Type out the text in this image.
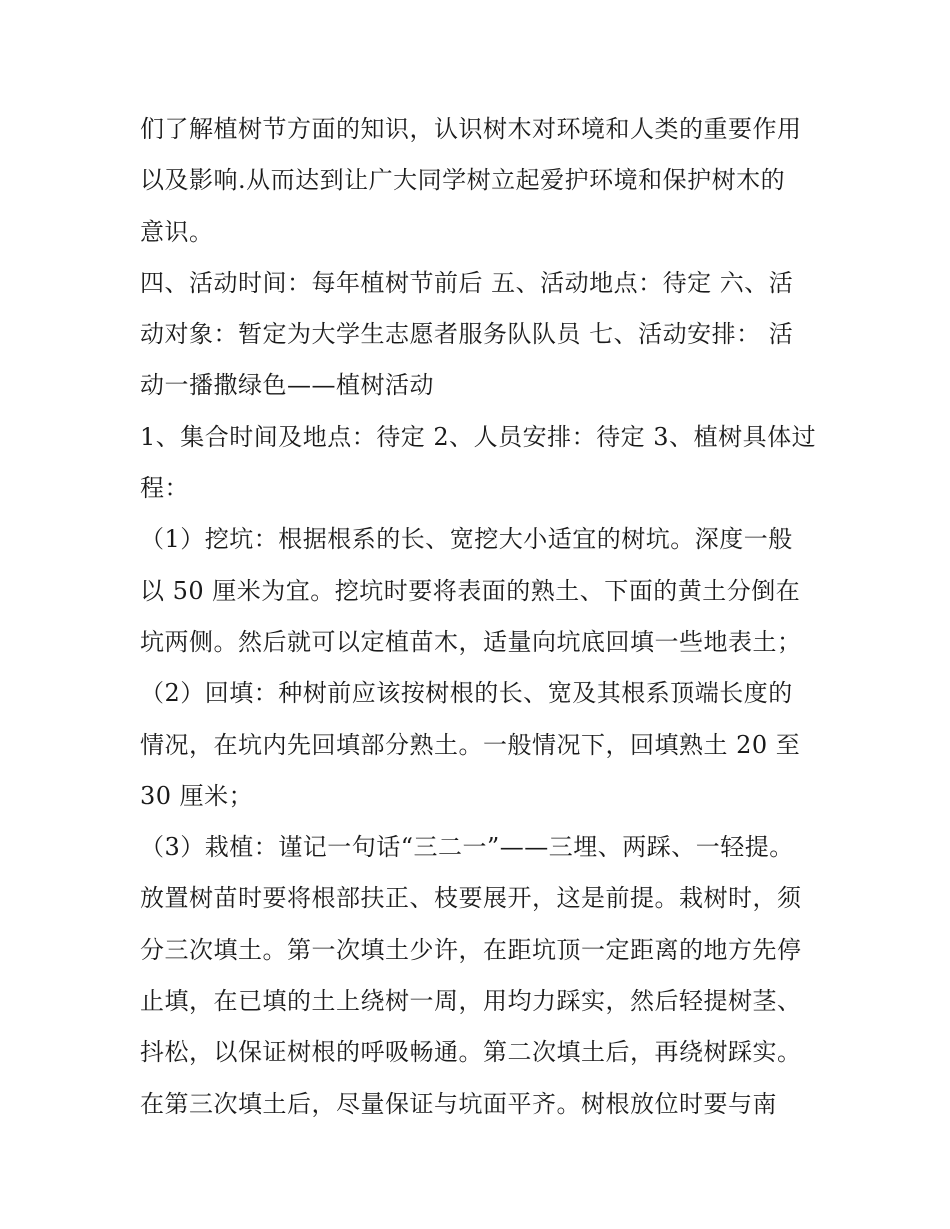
们了解植树节方面的知识，认识树木对环境和人类的重要作用
以及影响.从而达到让广大同学树立起爱护环境和保护树木的
意识。
四、活动时间：每年植树节前后 五、活动地点：待定 六、活
动对象：暂定为大学生志愿者服务队队员 七、活动安排： 活
动一播撒绿色——植树活动
1、集合时间及地点：待定 2、人员安排：待定 3、植树具体过
程：
（1）挖坑：根据根系的长、宽挖大小适宜的树坑。深度一般
以 50 厘米为宜。挖坑时要将表面的熟土、下面的黄土分倒在
坑两侧。然后就可以定植苗木，适量向坑底回填一些地表土；
（2）回填：种树前应该按树根的长、宽及其根系顶端长度的
情况，在坑内先回填部分熟土。一般情况下，回填熟土 20 至
30 厘米；
（3）栽植：谨记一句话“三二一”——三埋、两踩、一轻提。
放置树苗时要将根部扶正、枝要展开，这是前提。栽树时，须
分三次填土。第一次填土少许，在距坑顶一定距离的地方先停
止填，在已填的土上绕树一周，用均力踩实，然后轻提树茎、
抖松，以保证树根的呼吸畅通。第二次填土后，再绕树踩实。
在第三次填土后，尽量保证与坑面平齐。树根放位时要与南
